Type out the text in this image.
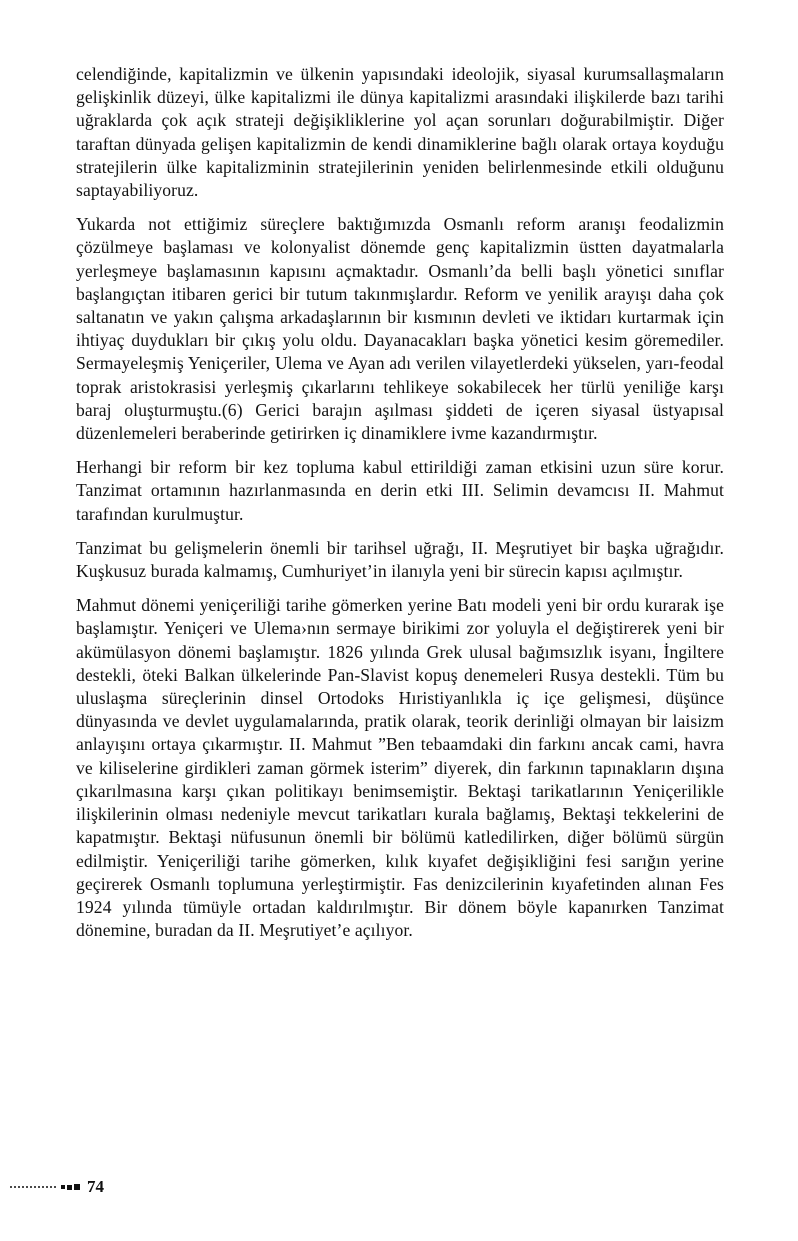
celendiğinde, kapitalizmin ve ülkenin yapısındaki ideolojik, siyasal kurumsallaşmaların gelişkinlik düzeyi, ülke kapitalizmi ile dünya kapitalizmi arasındaki ilişkilerde bazı tarihi uğraklarda çok açık strateji değişikliklerine yol açan sorunları doğurabilmiştir. Diğer taraftan dünyada gelişen kapitalizmin de kendi dinamiklerine bağlı olarak ortaya koyduğu stratejilerin ülke kapitalizminin stratejilerinin yeniden belirlenmesinde etkili olduğunu saptayabiliyoruz.

Yukarda not ettiğimiz süreçlere baktığımızda Osmanlı reform aranışı feodalizmin çözülmeye başlaması ve kolonyalist dönemde genç kapitalizmin üstten dayatmalarla yerleşmeye başlamasının kapısını açmaktadır. Osmanlı’da belli başlı yönetici sınıflar başlangıçtan itibaren gerici bir tutum takınmışlardır. Reform ve yenilik arayışı daha çok saltanatın ve yakın çalışma arkadaşlarının bir kısmının devleti ve iktidarı kurtarmak için ihtiyaç duydukları bir çıkış yolu oldu. Dayanacakları başka yönetici kesim göremediler. Sermayeleşmiş Yeniçeriler, Ulema ve Ayan adı verilen vilayetlerdeki yükselen, yarı-feodal toprak aristokrasisi yerleşmiş çıkarlarını tehlikeye sokabilecek her türlü yeniliğe karşı baraj oluşturmuştu.(6) Gerici barajın aşılması şiddeti de içeren siyasal üstyapısal düzenlemeleri beraberinde getirirken iç dinamiklere ivme kazandırmıştır.

Herhangi bir reform bir kez topluma kabul ettirildiği zaman etkisini uzun süre korur. Tanzimat ortamının hazırlanmasında en derin etki III. Selimin devamcısı II. Mahmut tarafından kurulmuştur.

Tanzimat bu gelişmelerin önemli bir tarihsel uğrağı, II. Meşrutiyet bir başka uğrağıdır. Kuşkusuz burada kalmamış, Cumhuriyet’in ilanıyla yeni bir sürecin kapısı açılmıştır.

Mahmut dönemi yeniçeriliği tarihe gömerken yerine Batı modeli yeni bir ordu kurarak işe başlamıştır. Yeniçeri ve Ulema›nın sermaye birikimi zor yoluyla el değiştirerek yeni bir akümülasyon dönemi başlamıştır. 1826 yılında Grek ulusal bağımsızlık isyanı, İngiltere destekli, öteki Balkan ülkelerinde Pan-Slavist kopuş denemeleri Rusya destekli. Tüm bu uluslaşma süreçlerinin dinsel Ortodoks Hıristiyanlıkla iç içe gelişmesi, düşünce dünyasında ve devlet uygulamalarında, pratik olarak, teorik derinliği olmayan bir laisizm anlayışını ortaya çıkarmıştır. II. Mahmut ”Ben tebaamdaki din farkını ancak cami, havra ve kiliselerine girdikleri zaman görmek isterim” diyerek, din farkının tapınakların dışına çıkarılmasına karşı çıkan politikayı benimsemiştir. Bektaşi tarikatlarının Yeniçerilikle ilişkilerinin olması nedeniyle mevcut tarikatları kurala bağlamış, Bektaşi tekkelerini de kapatmıştır. Bektaşi nüfusunun önemli bir bölümü katledilirken, diğer bölümü sürgün edilmiştir. Yeniçeriliği tarihe gömerken, kılık kıyafet değişikliğini fesi sarığın yerine geçirerek Osmanlı toplumuna yerleştirmiştir. Fas denizcilerinin kıyafetinden alınan Fes 1924 yılında tümüyle ortadan kaldırılmıştır. Bir dönem böyle kapanırken Tanzimat dönemine, buradan da II. Meşrutiyet’e açılıyor.

74
